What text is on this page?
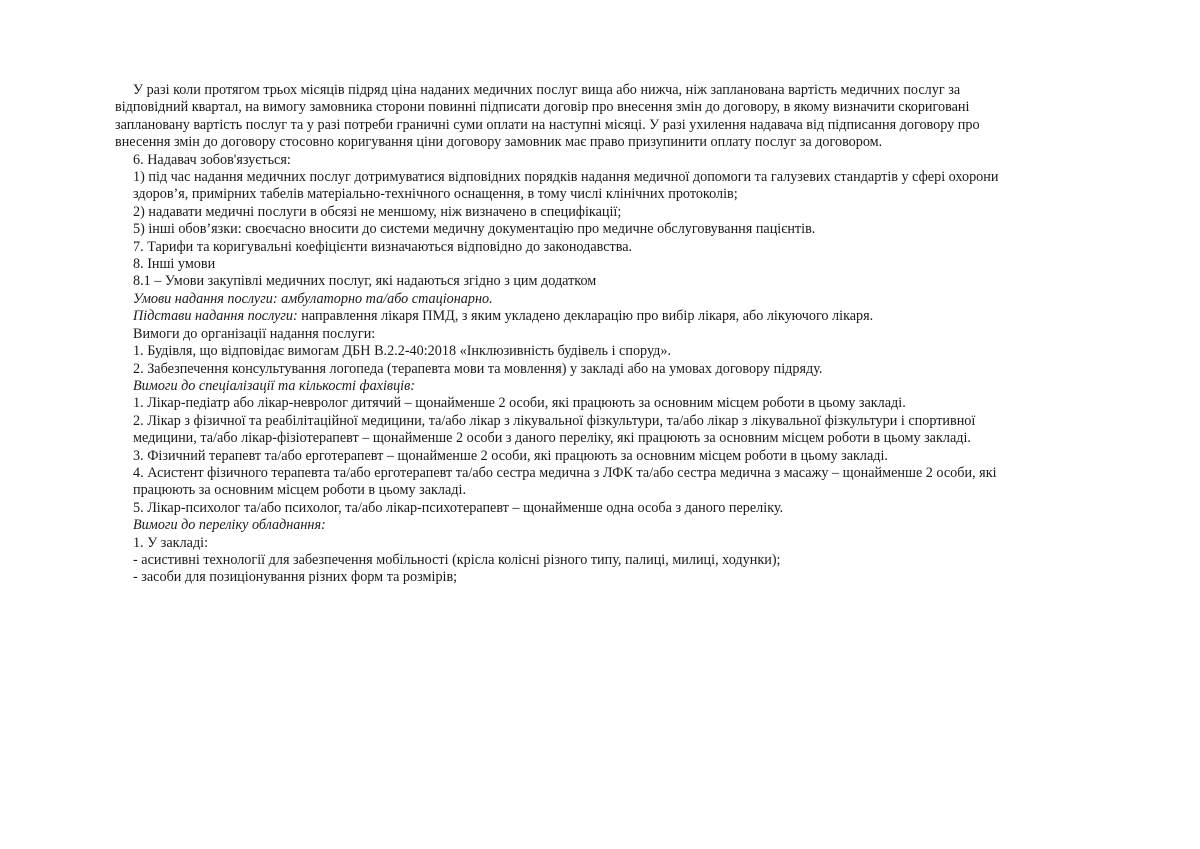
У разі коли протягом трьох місяців підряд ціна наданих медичних послуг вища або нижча, ніж запланована вартість медичних послуг за

відповідний квартал, на вимогу замовника сторони повинні підписати договір про внесення змін до договору, в якому визначити скориговані

заплановану вартість послуг та у разі потреби граничні суми оплати на наступні місяці. У разі ухилення надавача від підписання договору про

внесення змін до договору стосовно коригування ціни договору замовник має право призупинити оплату послуг за договором.

6. Надавач зобов'язується:

1) під час надання медичних послуг дотримуватися відповідних порядків надання медичної допомоги та галузевих стандартів у сфері охорони

здоров’я, примірних табелів матеріально-технічного оснащення, в тому числі клінічних протоколів;

2) надавати медичні послуги в обсязі не меншому, ніж визначено в специфікації;

5) інші обов’язки: своєчасно вносити до системи медичну документацію про медичне обслуговування пацієнтів.

7. Тарифи та коригувальні коефіцієнти визначаються відповідно до законодавства.

8. Інші умови

8.1 – Умови закупівлі медичних послуг, які надаються згідно з цим додатком

Умови надання послуги: амбулаторно та/або стаціонарно.

Підстави надання послуги: направлення лікаря ПМД, з яким укладено декларацію про вибір лікаря, або лікуючого лікаря.

Вимоги до організації надання послуги:

1. Будівля, що відповідає вимогам ДБН В.2.2-40:2018 «Інклюзивність будівель і споруд».

2. Забезпечення консультування логопеда (терапевта мови та мовлення) у закладі або на умовах договору підряду.

Вимоги до спеціалізації та кількості фахівців:

1. Лікар-педіатр або лікар-невролог дитячий – щонайменше 2 особи, які працюють за основним місцем роботи в цьому закладі.

2. Лікар з фізичної та реабілітаційної медицини, та/або лікар з лікувальної фізкультури, та/або лікар з лікувальної фізкультури і спортивної

медицини, та/або лікар-фізіотерапевт – щонайменше 2 особи з даного переліку, які працюють за основним місцем роботи в цьому закладі.

3. Фізичний терапевт та/або ерготерапевт – щонайменше 2 особи, які працюють за основним місцем роботи в цьому закладі.

4. Асистент фізичного терапевта та/або ерготерапевт та/або сестра медична з ЛФК та/або сестра медична з масажу – щонайменше 2 особи, які

працюють за основним місцем роботи в цьому закладі.

5. Лікар-психолог та/або психолог, та/або лікар-психотерапевт – щонайменше одна особа з даного переліку.

Вимоги до переліку обладнання:

1. У закладі:

- асистивні технології для забезпечення мобільності (крісла колісні різного типу, палиці, милиці, ходунки);

- засоби для позиціонування різних форм та розмірів;
